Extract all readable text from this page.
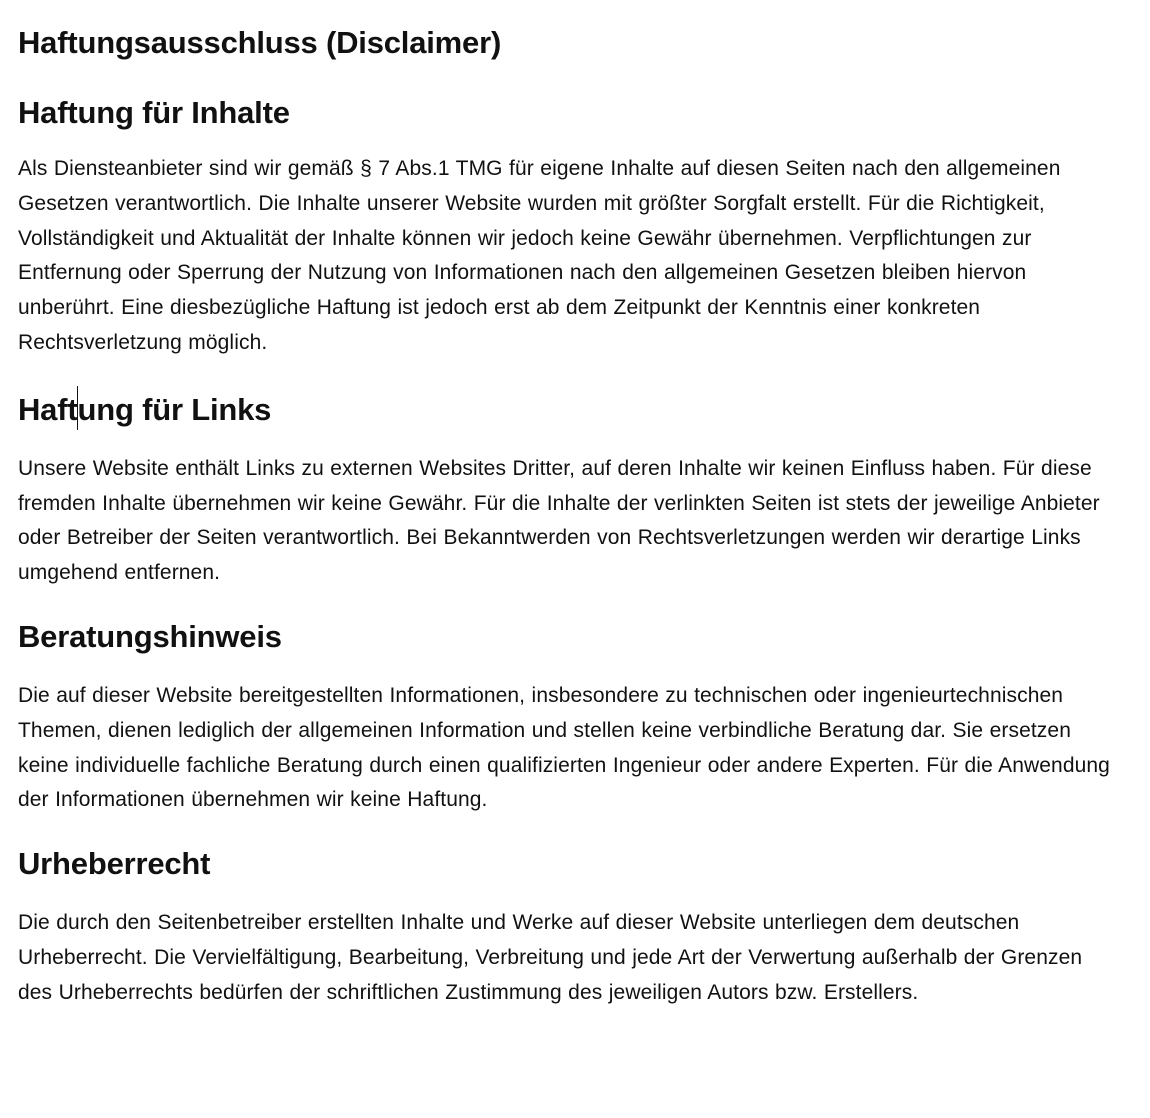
Haftungsausschluss (Disclaimer)
Haftung für Inhalte

Als Diensteanbieter sind wir gemäß § 7 Abs.1 TMG für eigene Inhalte auf diesen Seiten nach den allgemeinen Gesetzen verantwortlich. Die Inhalte unserer Website wurden mit größter Sorgfalt erstellt. Für die Richtigkeit, Vollständigkeit und Aktualität der Inhalte können wir jedoch keine Gewähr übernehmen. Verpflichtungen zur Entfernung oder Sperrung der Nutzung von Informationen nach den allgemeinen Gesetzen bleiben hiervon unberührt. Eine diesbezügliche Haftung ist jedoch erst ab dem Zeitpunkt der Kenntnis einer konkreten Rechtsverletzung möglich.

Haftung für Links

Unsere Website enthält Links zu externen Websites Dritter, auf deren Inhalte wir keinen Einfluss haben. Für diese fremden Inhalte übernehmen wir keine Gewähr. Für die Inhalte der verlinkten Seiten ist stets der jeweilige Anbieter oder Betreiber der Seiten verantwortlich. Bei Bekanntwerden von Rechtsverletzungen werden wir derartige Links umgehend entfernen.

Beratungshinweis

Die auf dieser Website bereitgestellten Informationen, insbesondere zu technischen oder ingenieurtechnischen Themen, dienen lediglich der allgemeinen Information und stellen keine verbindliche Beratung dar. Sie ersetzen keine individuelle fachliche Beratung durch einen qualifizierten Ingenieur oder andere Experten. Für die Anwendung der Informationen übernehmen wir keine Haftung.

Urheberrecht

Die durch den Seitenbetreiber erstellten Inhalte und Werke auf dieser Website unterliegen dem deutschen Urheberrecht. Die Vervielfältigung, Bearbeitung, Verbreitung und jede Art der Verwertung außerhalb der Grenzen des Urheberrechts bedürfen der schriftlichen Zustimmung des jeweiligen Autors bzw. Erstellers.
